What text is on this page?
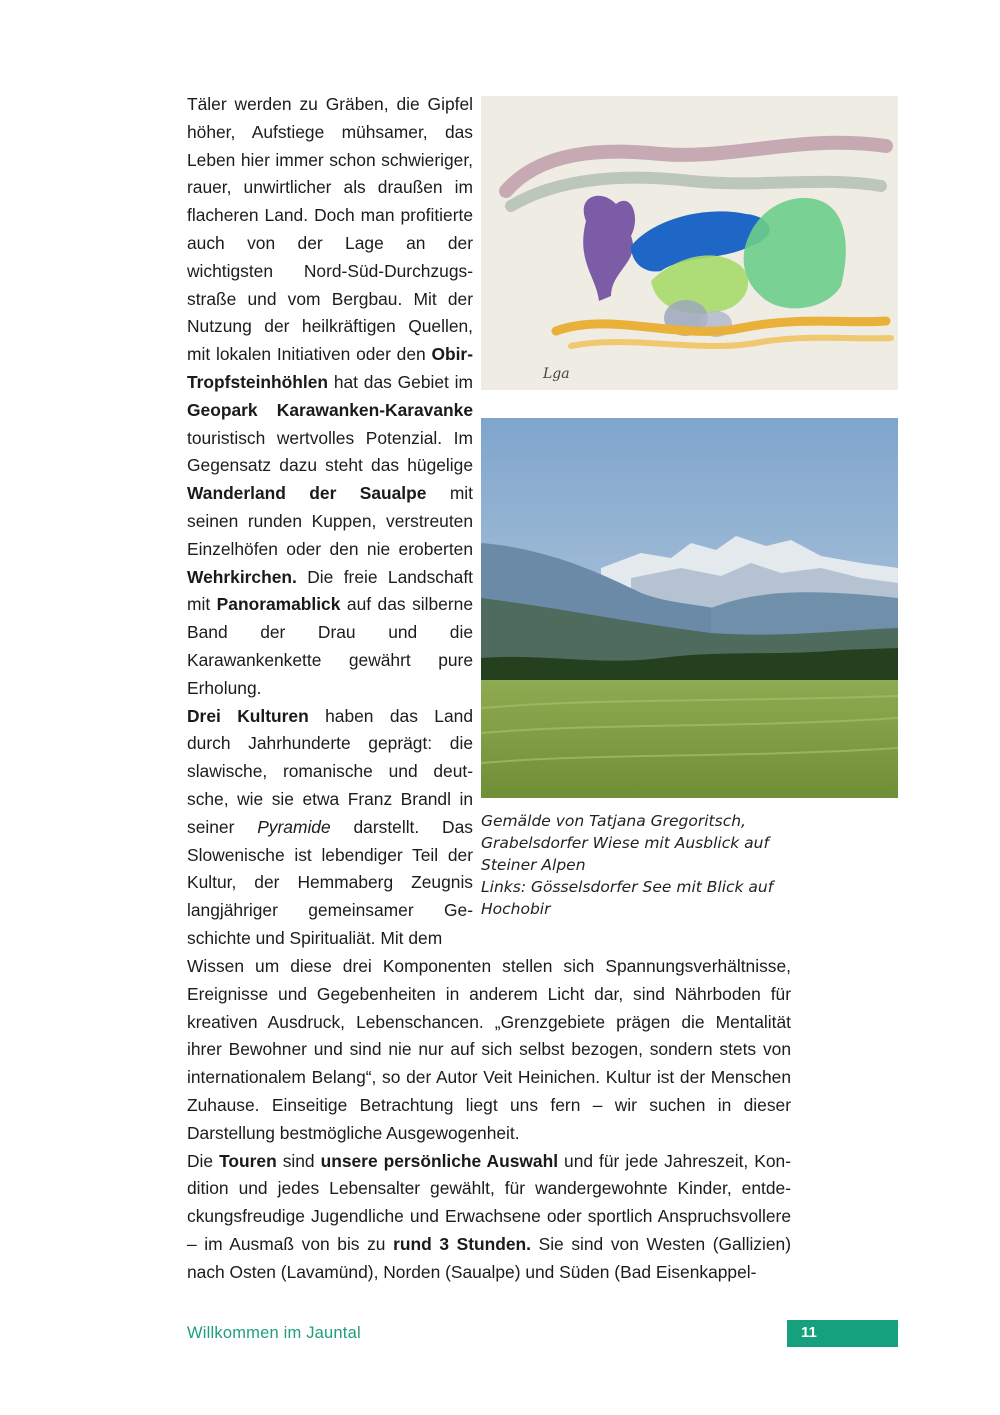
Täler werden zu Gräben, die Gipfel höher, Aufstiege mühsamer, das Leben hier immer schon schwieriger, rauer, unwirtlicher als draußen im flacheren Land. Doch man profitierte auch von der Lage an der wichtigsten Nord-Süd-Durchzugsstraße und vom Bergbau. Mit der Nutzung der heilkräftigen Quellen, mit lokalen Initiativen oder den Obir-Tropfsteinhöhlen hat das Gebiet im Geopark Karawanken-Karavanke touristisch wertvolles Potenzial. Im Gegensatz dazu steht das hügelige Wanderland der Saualpe mit seinen runden Kuppen, verstreuten Einzelhöfen oder den nie eroberten Wehrkirchen. Die freie Landschaft mit Panoramablick auf das silberne Band der Drau und die Karawankenkette gewährt pure Erholung.

Drei Kulturen haben das Land durch Jahrhunderte geprägt: die slawische, romanische und deutsche, wie sie etwa Franz Brandl in seiner Pyramide darstellt. Das Slowenische ist lebendiger Teil der Kultur, der Hemmaberg Zeugnis langjähriger gemeinsamer Geschichte und Spiritualiät. Mit dem

Lga
Gemälde von Tatjana Gregoritsch,
Grabelsdorfer Wiese mit Ausblick auf
Steiner Alpen
Links: Gösselsdorfer See mit Blick auf
Hochobir

Wissen um diese drei Komponenten stellen sich Spannungsverhältnisse, Ereignisse und Gegebenheiten in anderem Licht dar, sind Nährboden für kreativen Ausdruck, Lebenschancen. „Grenzgebiete prägen die Mentalität ihrer Bewohner und sind nie nur auf sich selbst bezogen, sondern stets von internationalem Belang“, so der Autor Veit Heinichen. Kultur ist der Menschen Zuhause. Einseitige Betrachtung liegt uns fern – wir suchen in dieser Darstellung bestmögliche Ausgewogenheit.

Die Touren sind unsere persönliche Auswahl und für jede Jahreszeit, Kondition und jedes Lebensalter gewählt, für wandergewohnte Kinder, entdeckungsfreudige Jugendliche und Erwachsene oder sportlich Anspruchsvollere – im Ausmaß von bis zu rund 3 Stunden. Sie sind von Westen (Gallizien) nach Osten (Lavamünd), Norden (Saualpe) und Süden (Bad Eisenkappel-

Willkommen im Jauntal	11
